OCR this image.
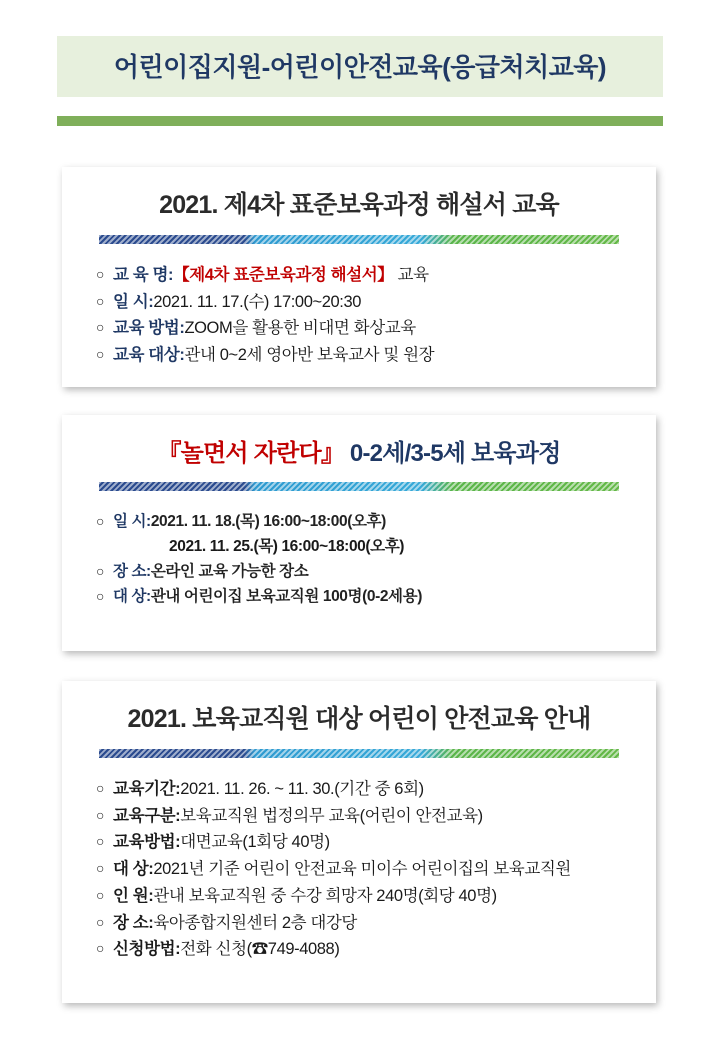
어린이집지원-어린이안전교육(응급처치교육)
2021. 제4차 표준보육과정 해설서 교육
○ 교 육 명: 【제4차 표준보육과정 해설서】 교육
○ 일 시: 2021. 11. 17.(수) 17:00~20:30
○ 교육 방법: ZOOM을 활용한 비대면 화상교육
○ 교육 대상: 관내 0~2세 영아반 보육교사 및 원장
『놀면서 자란다』 0-2세/3-5세 보육과정
○ 일 시: 2021. 11. 18.(목) 16:00~18:00(오후)
2021. 11. 25.(목) 16:00~18:00(오후)
○ 장 소: 온라인 교육 가능한 장소
○ 대 상: 관내 어린이집 보육교직원 100명(0-2세용)
2021. 보육교직원 대상 어린이 안전교육 안내
○ 교육기간: 2021. 11. 26. ~ 11. 30.(기간 중 6회)
○ 교육구분: 보육교직원 법정의무 교육(어린이 안전교육)
○ 교육방법: 대면교육(1회당 40명)
○ 대 상: 2021년 기준 어린이 안전교육 미이수 어린이집의 보육교직원
○ 인 원: 관내 보육교직원 중 수강 희망자 240명(회당 40명)
○ 장 소: 육아종합지원센터 2층 대강당
○ 신청방법: 전화 신청(☎749-4088)
